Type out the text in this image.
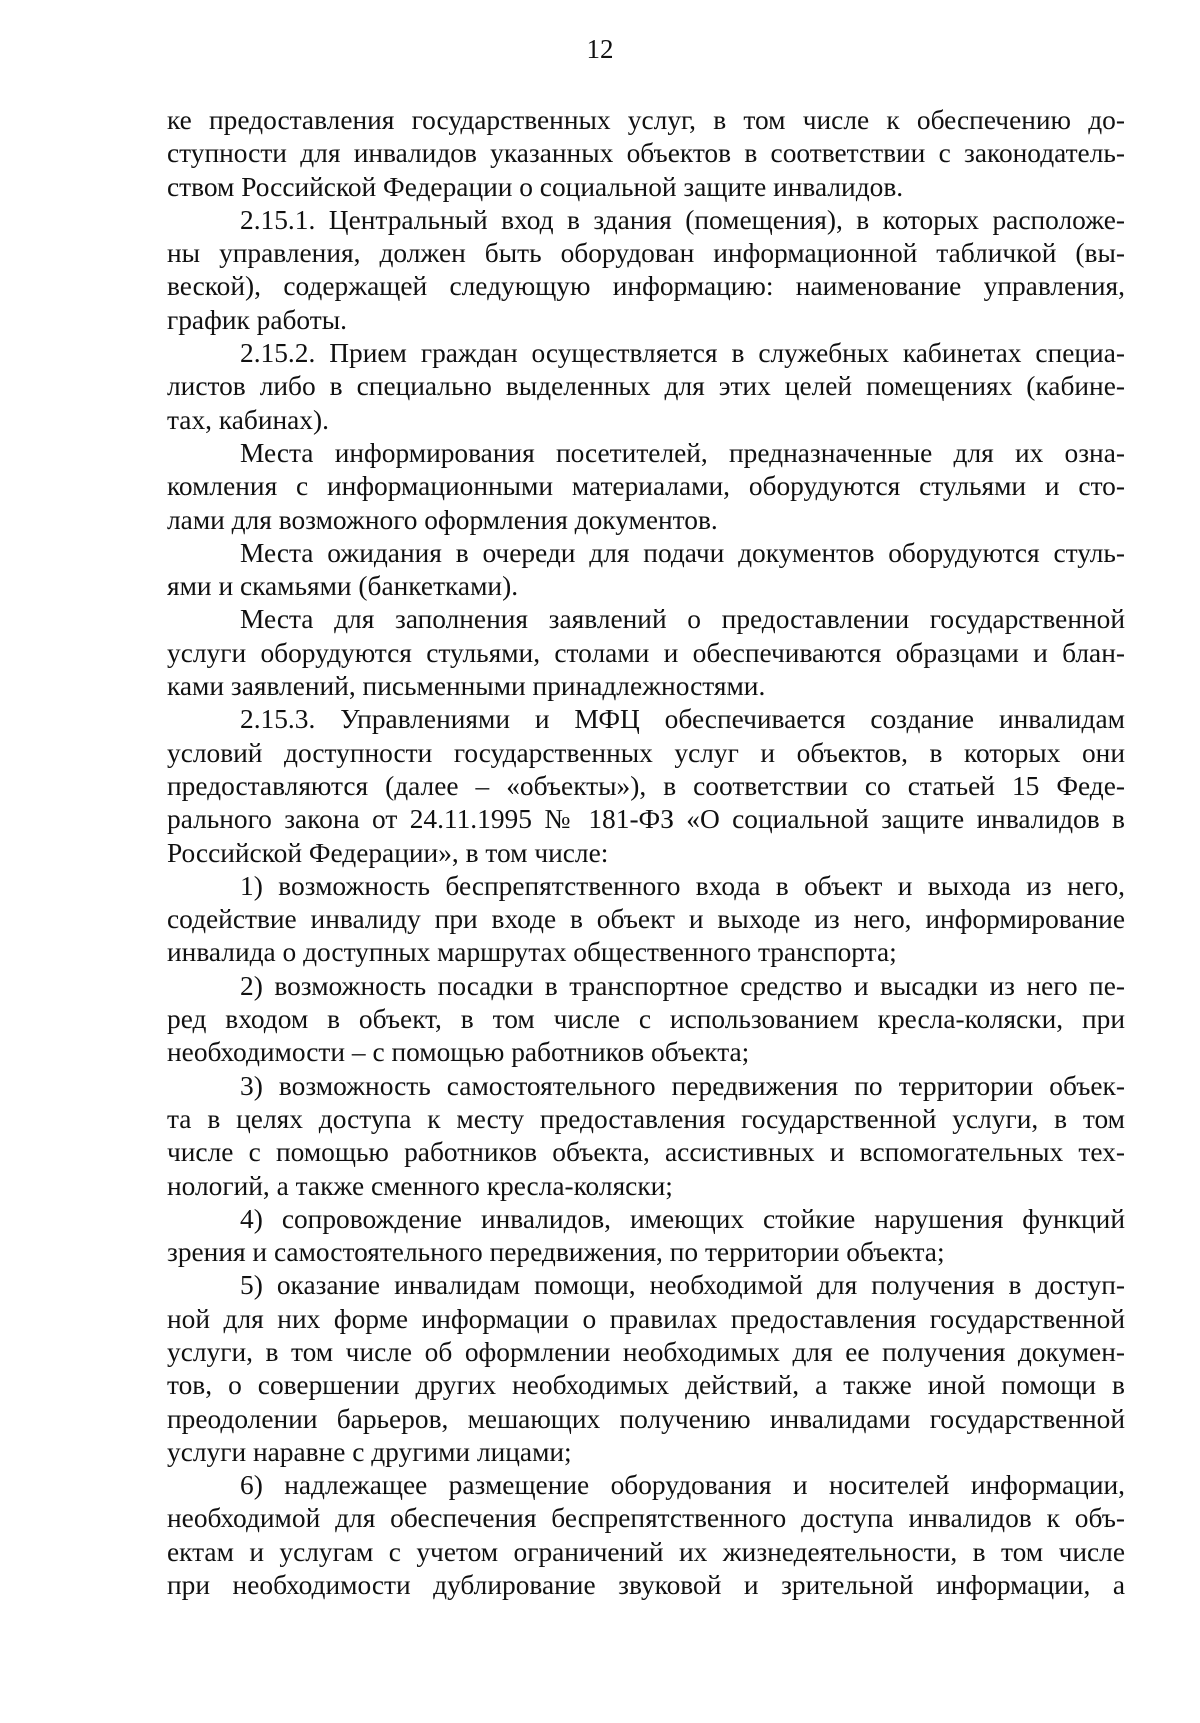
12
ке предоставления государственных услуг, в том числе к обеспечению до-
ступности для инвалидов указанных объектов в соответствии с законодатель-
ством Российской Федерации о социальной защите инвалидов.
2.15.1. Центральный вход в здания (помещения), в которых расположе-
ны управления, должен быть оборудован информационной табличкой (вы-
веской), содержащей следующую информацию: наименование управления,
график работы.
2.15.2. Прием граждан осуществляется в служебных кабинетах специа-
листов либо в специально выделенных для этих целей помещениях (кабине-
тах, кабинах).
Места информирования посетителей, предназначенные для их озна-
комления с информационными материалами, оборудуются стульями и сто-
лами для возможного оформления документов.
Места ожидания в очереди для подачи документов оборудуются стуль-
ями и скамьями (банкетками).
Места для заполнения заявлений о предоставлении государственной
услуги оборудуются стульями, столами и обеспечиваются образцами и блан-
ками заявлений, письменными принадлежностями.
2.15.3. Управлениями и МФЦ обеспечивается создание инвалидам
условий доступности государственных услуг и объектов, в которых они
предоставляются (далее – «объекты»), в соответствии со статьей 15 Феде-
рального закона от 24.11.1995 № 181-ФЗ «О социальной защите инвалидов в
Российской Федерации», в том числе:
1) возможность беспрепятственного входа в объект и выхода из него,
содействие инвалиду при входе в объект и выходе из него, информирование
инвалида о доступных маршрутах общественного транспорта;
2) возможность посадки в транспортное средство и высадки из него пе-
ред входом в объект, в том числе с использованием кресла-коляски, при
необходимости – с помощью работников объекта;
3) возможность самостоятельного передвижения по территории объек-
та в целях доступа к месту предоставления государственной услуги, в том
числе с помощью работников объекта, ассистивных и вспомогательных тех-
нологий, а также сменного кресла-коляски;
4) сопровождение инвалидов, имеющих стойкие нарушения функций
зрения и самостоятельного передвижения, по территории объекта;
5) оказание инвалидам помощи, необходимой для получения в доступ-
ной для них форме информации о правилах предоставления государственной
услуги, в том числе об оформлении необходимых для ее получения докумен-
тов, о совершении других необходимых действий, а также иной помощи в
преодолении барьеров, мешающих получению инвалидами государственной
услуги наравне с другими лицами;
6) надлежащее размещение оборудования и носителей информации,
необходимой для обеспечения беспрепятственного доступа инвалидов к объ-
ектам и услугам с учетом ограничений их жизнедеятельности, в том числе
при необходимости дублирование звуковой и зрительной информации, а
